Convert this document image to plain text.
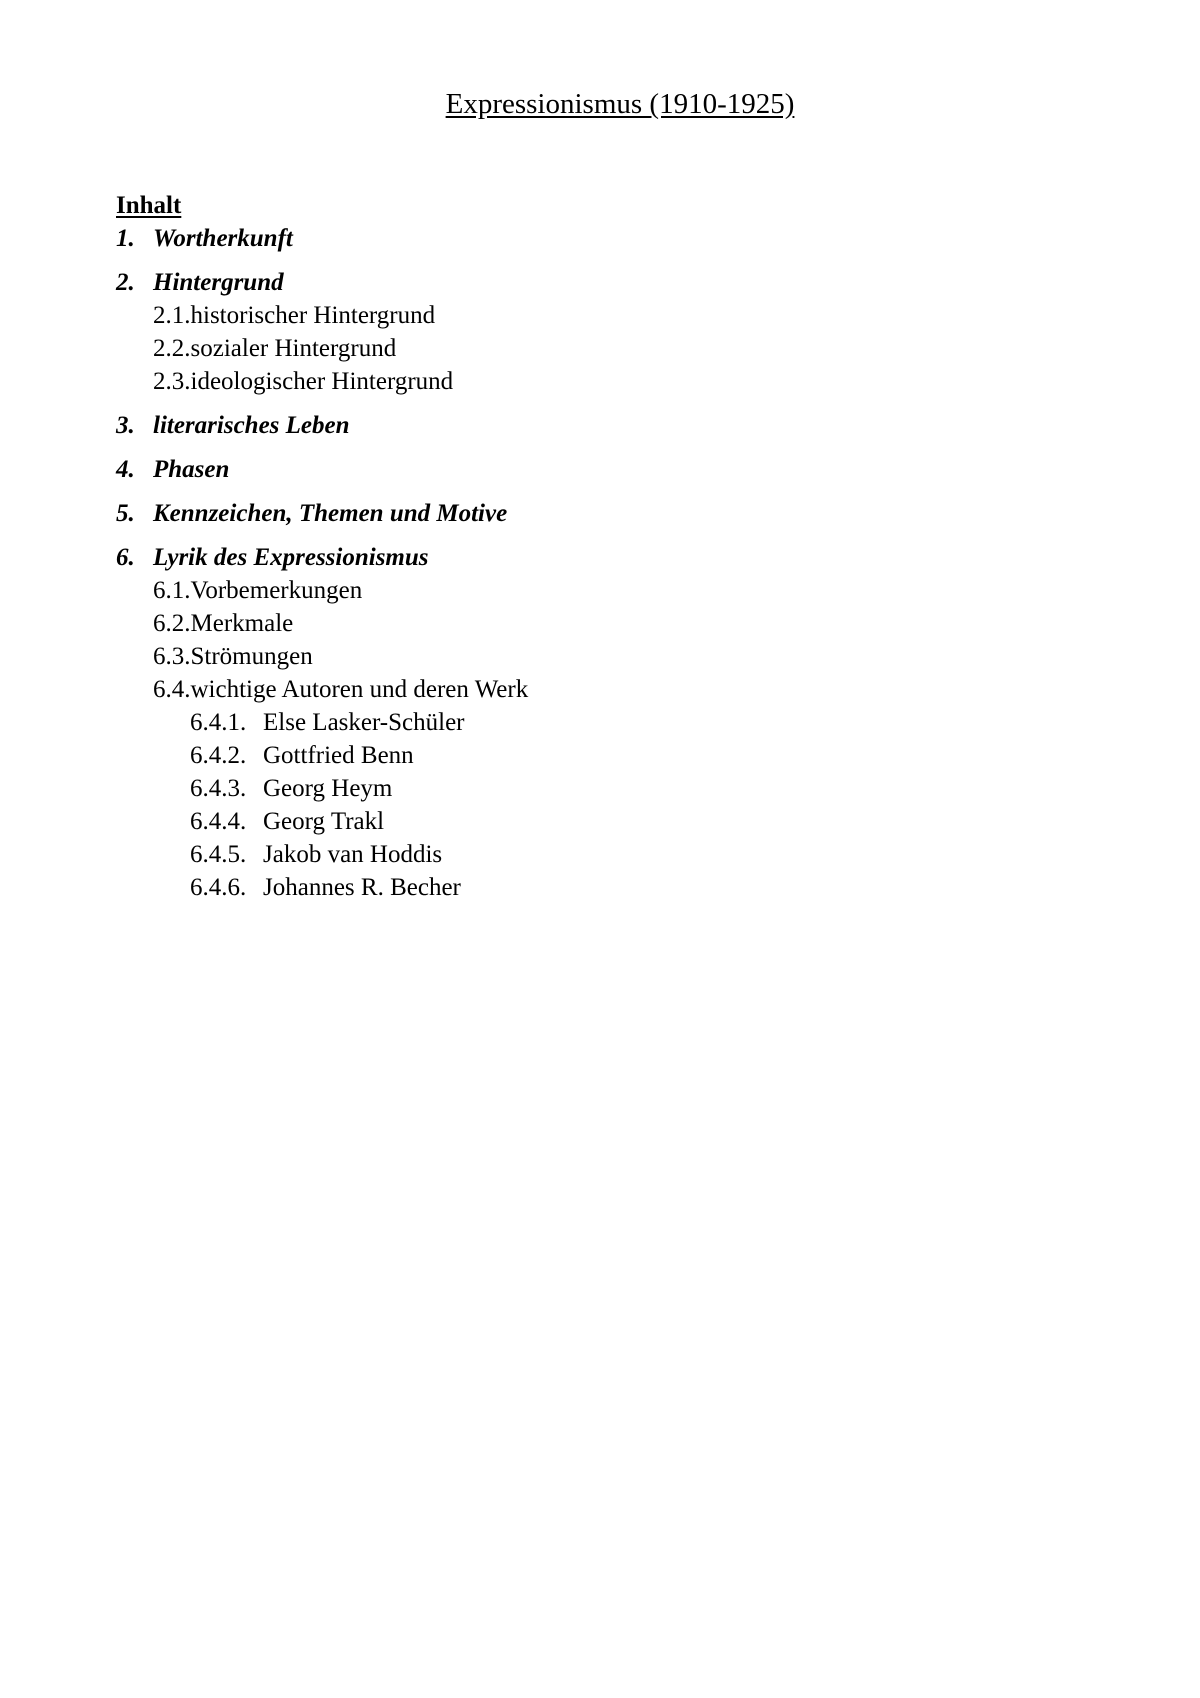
Expressionismus (1910-1925)
Inhalt
1. Wortherkunft
2. Hintergrund
2.1.historischer Hintergrund
2.2.sozialer Hintergrund
2.3.ideologischer Hintergrund
3. literarisches Leben
4. Phasen
5. Kennzeichen, Themen und Motive
6. Lyrik des Expressionismus
6.1.Vorbemerkungen
6.2.Merkmale
6.3.Strömungen
6.4.wichtige Autoren und deren Werk
6.4.1. Else Lasker-Schüler
6.4.2. Gottfried Benn
6.4.3. Georg Heym
6.4.4. Georg Trakl
6.4.5. Jakob van Hoddis
6.4.6. Johannes R. Becher
